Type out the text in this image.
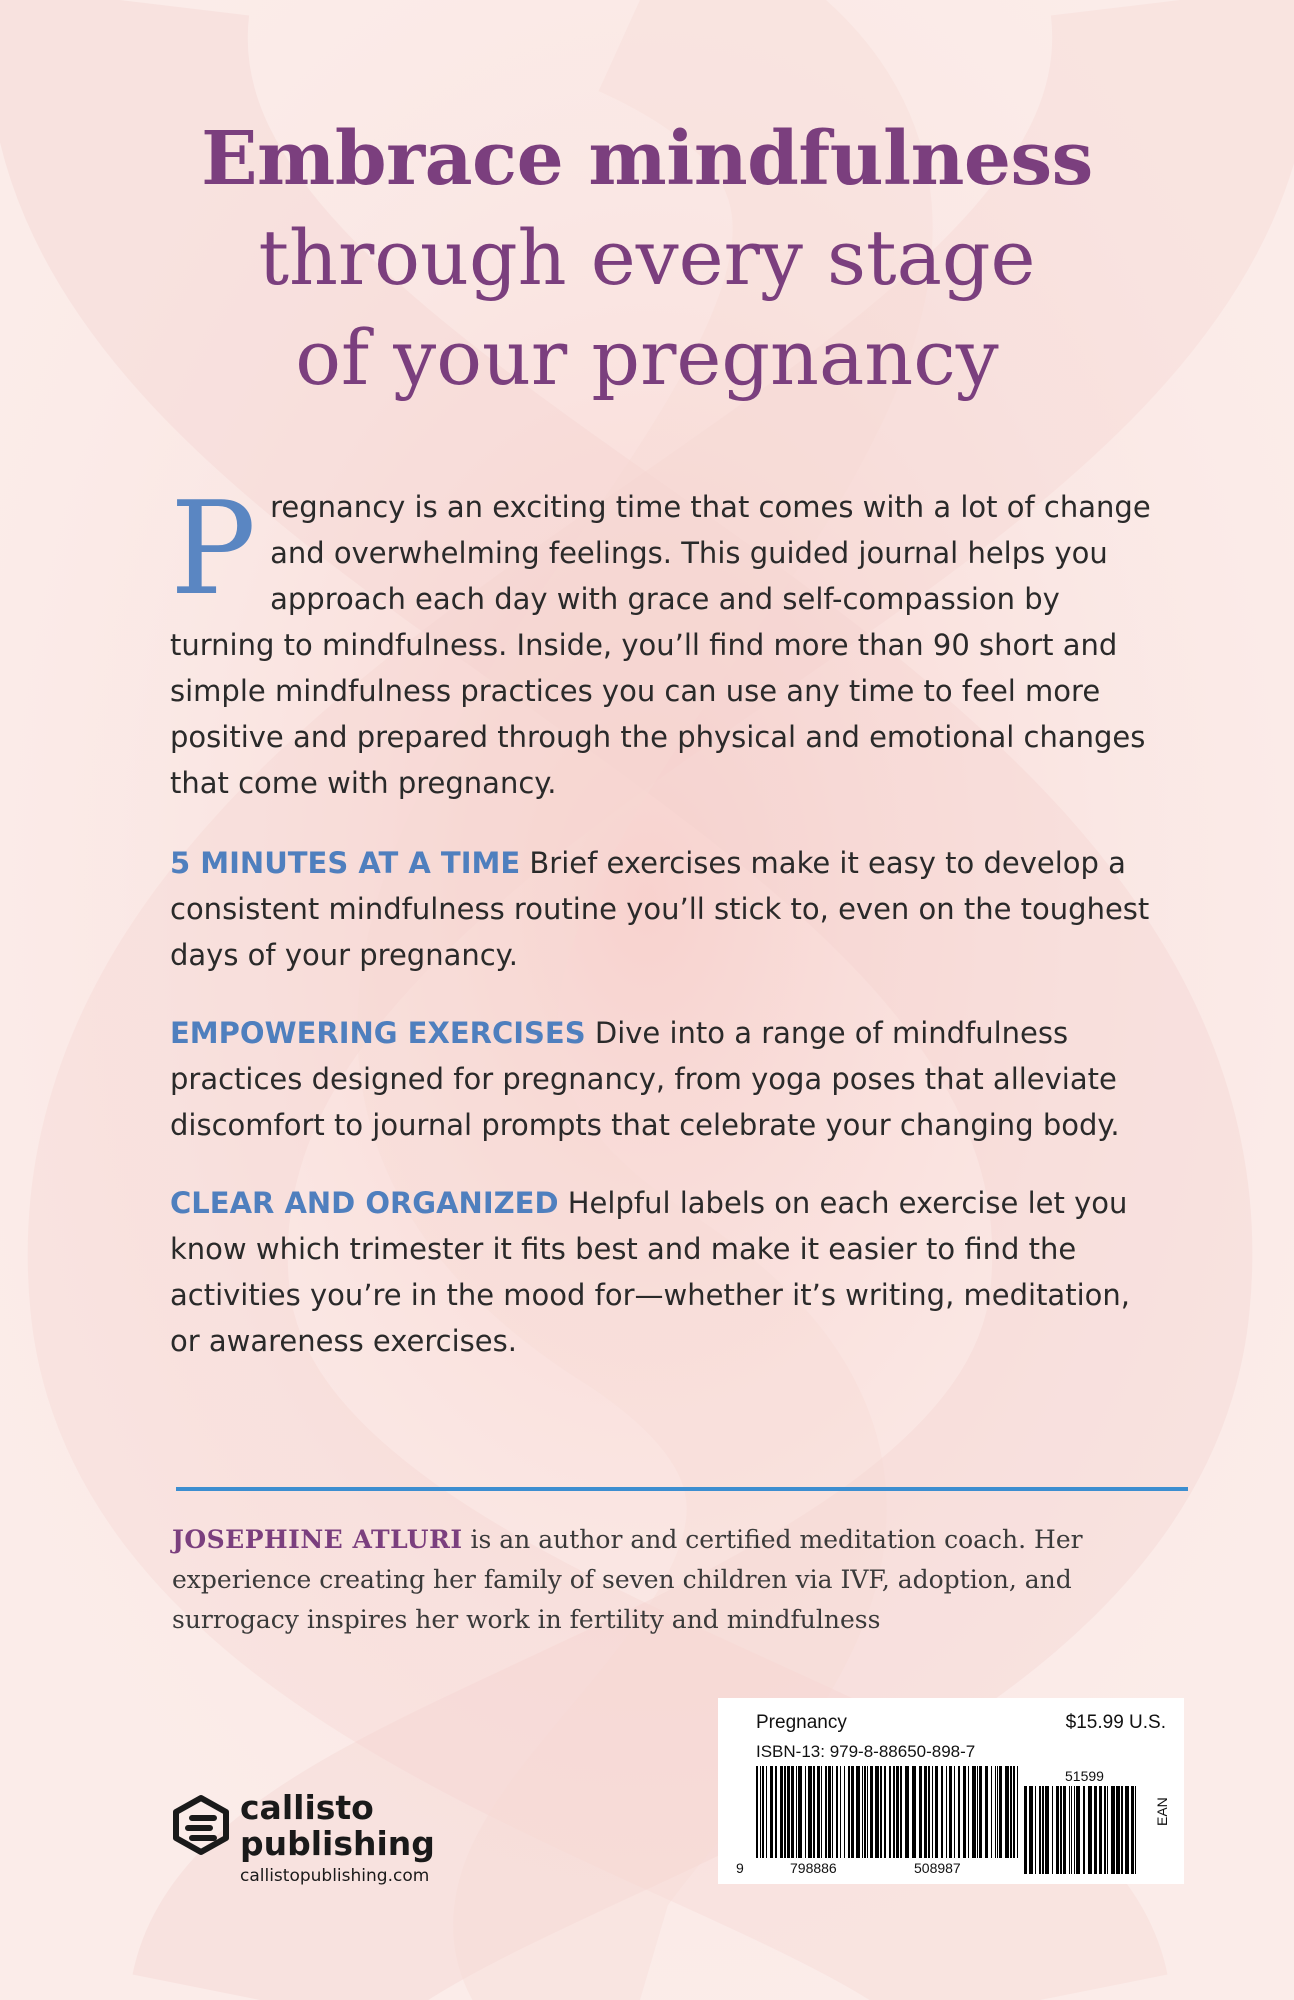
Embrace mindfulness
through every stage
of your pregnancy
Pregnancy is an exciting time that comes with a lot of change and overwhelming feelings. This guided journal helps you approach each day with grace and self-compassion by turning to mindfulness. Inside, you’ll find more than 90 short and simple mindfulness practices you can use any time to feel more positive and prepared through the physical and emotional changes that come with pregnancy.

5 MINUTES AT A TIME Brief exercises make it easy to develop a consistent mindfulness routine you’ll stick to, even on the toughest days of your pregnancy.

EMPOWERING EXERCISES Dive into a range of mindfulness practices designed for pregnancy, from yoga poses that alleviate discomfort to journal prompts that celebrate your changing body.

CLEAR AND ORGANIZED Helpful labels on each exercise let you know which trimester it fits best and make it easier to find the activities you’re in the mood for—whether it’s writing, meditation, or awareness exercises.

JOSEPHINE ATLURI is an author and certified meditation coach. Her experience creating her family of seven children via IVF, adoption, and surrogacy inspires her work in fertility and mindfulness
callisto
publishing
callistopublishing.com
Pregnancy	$15.99 U.S.
ISBN-13: 979-8-88650-898-7
51599
9	798886	508987
EAN
